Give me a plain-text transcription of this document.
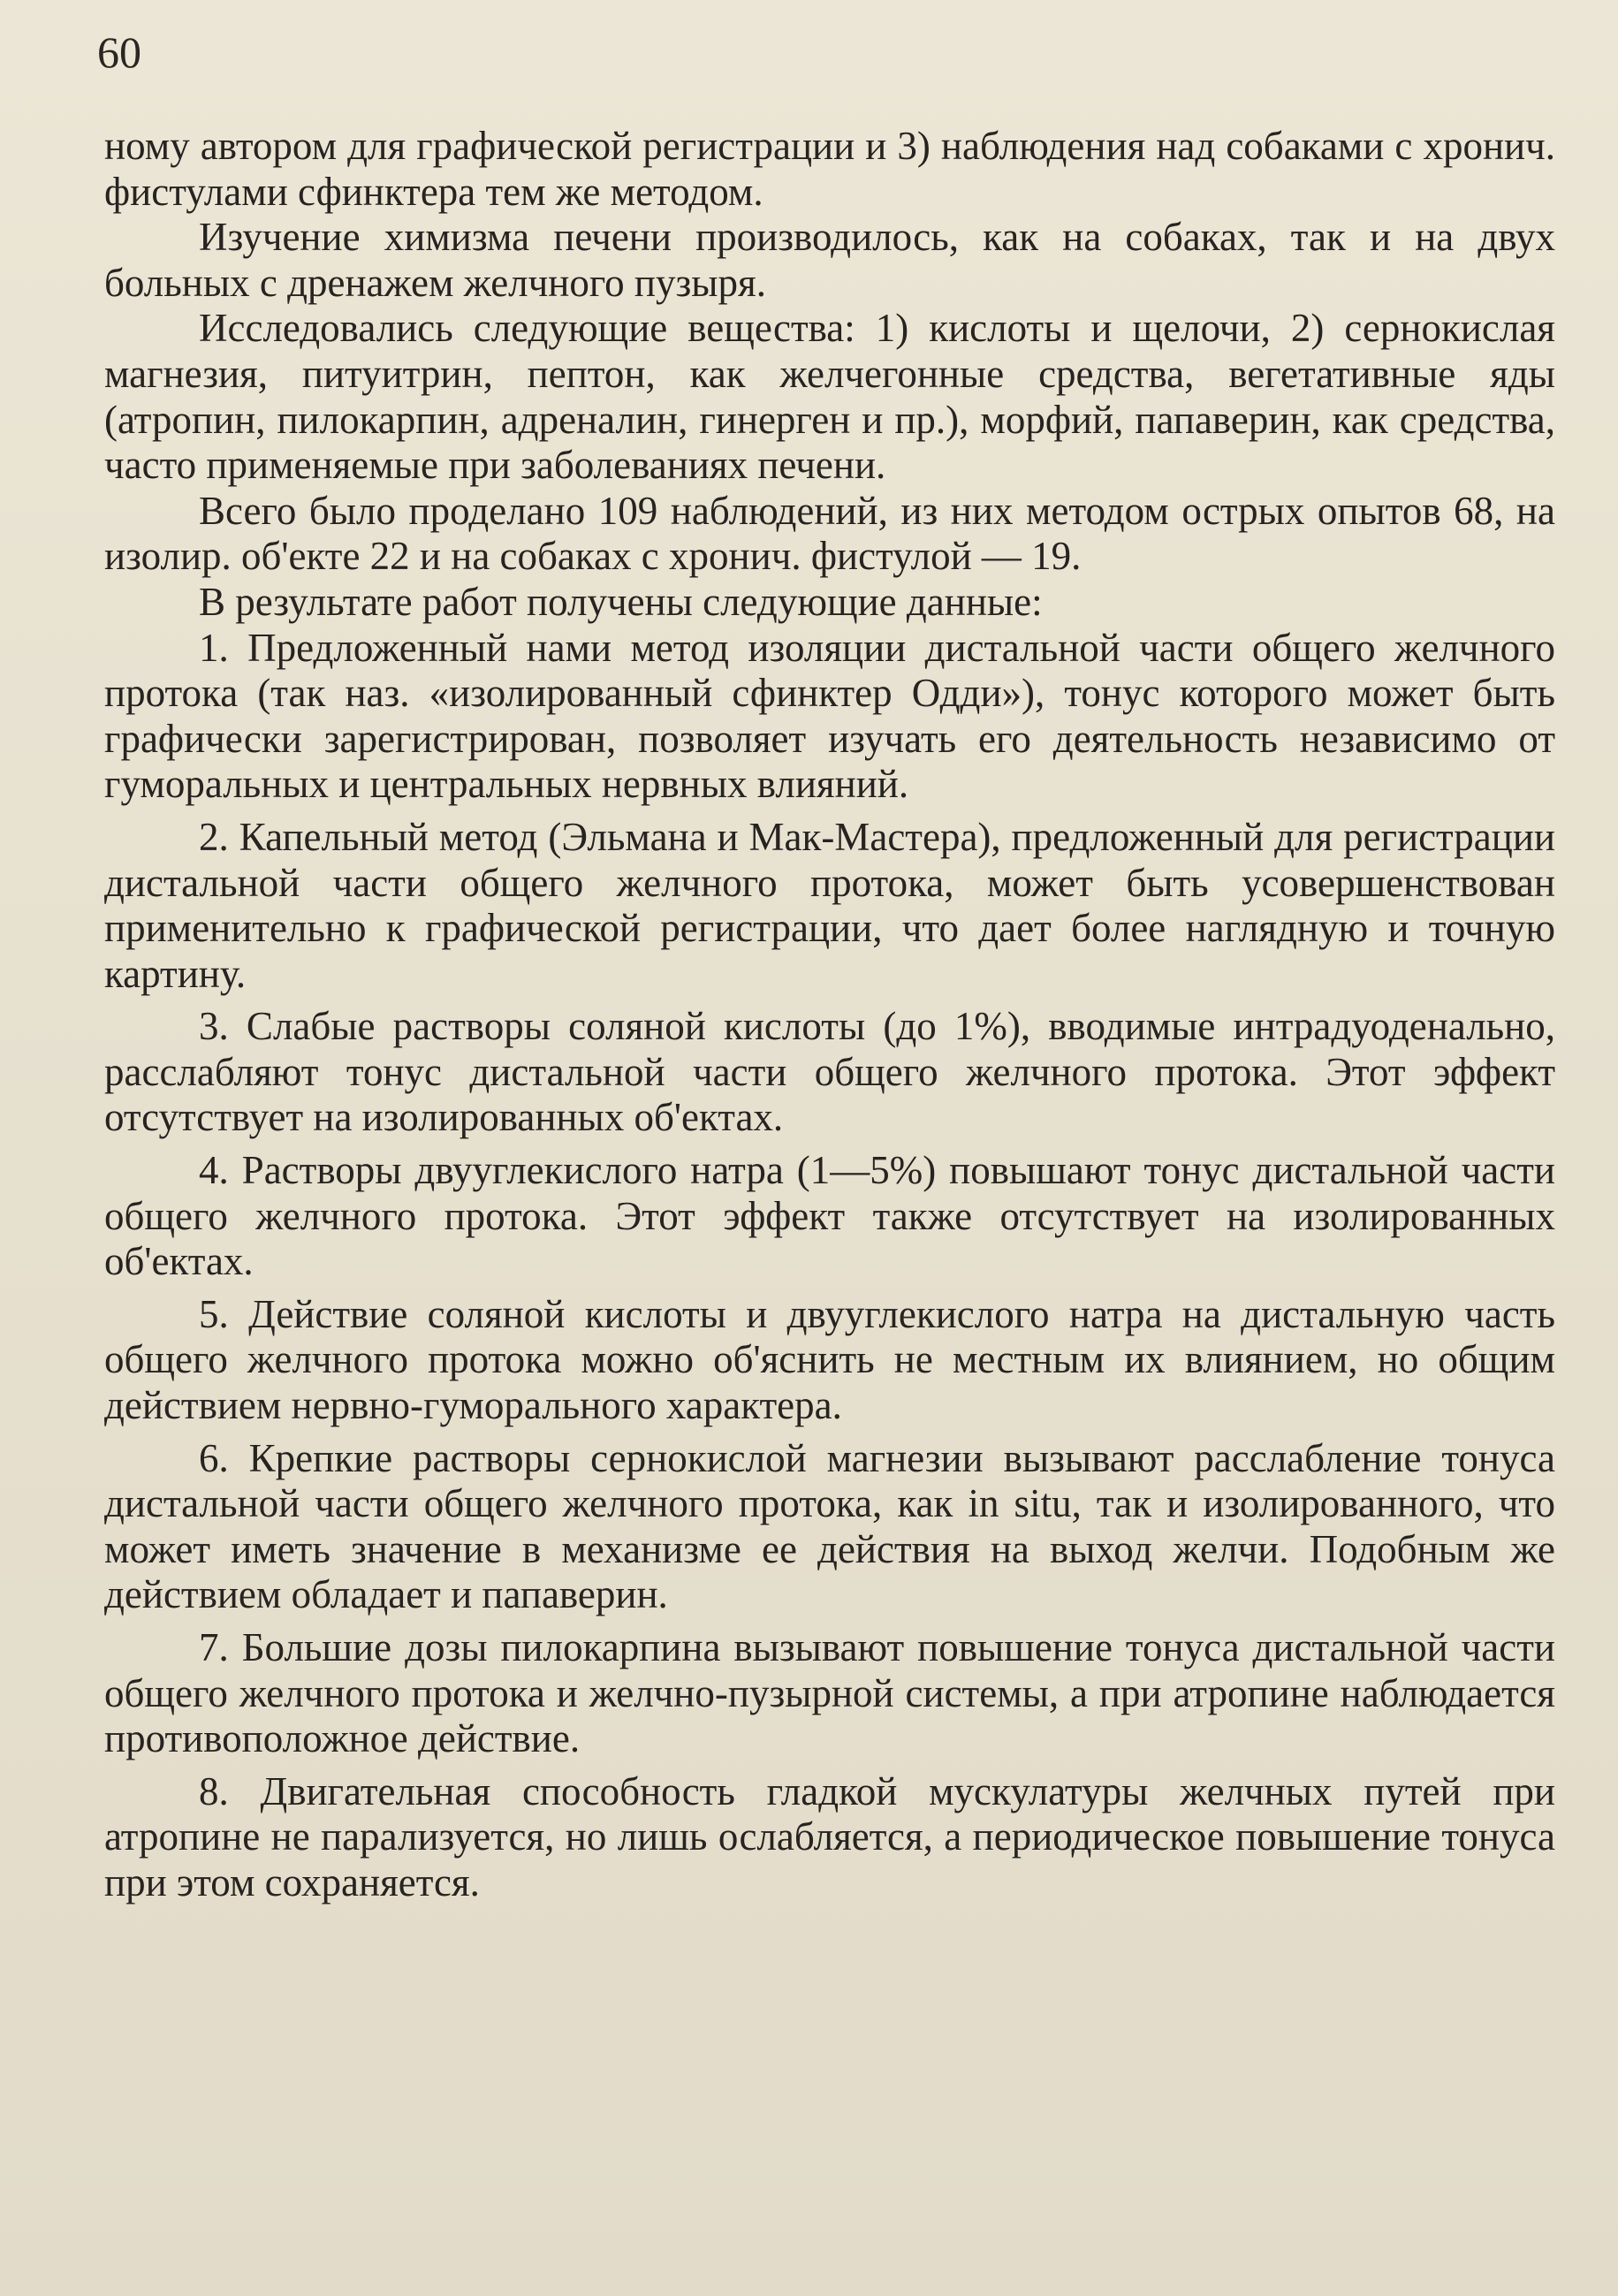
60

ному автором для графической регистрации и 3) наблюдения над собаками с хронич. фистулами сфинктера тем же методом.

Изучение химизма печени производилось, как на собаках, так и на двух больных с дренажем желчного пузыря.

Исследовались следующие вещества: 1) кислоты и щелочи, 2) сернокислая магнезия, питуитрин, пептон, как желчегонные средства, вегетативные яды (атропин, пилокарпин, адреналин, гинерген и пр.), морфий, папаверин, как средства, часто применяемые при заболеваниях печени.

Всего было проделано 109 наблюдений, из них методом острых опытов 68, на изолир. об'екте 22 и на собаках с хронич. фистулой — 19.

В результате работ получены следующие данные:

1. Предложенный нами метод изоляции дистальной части общего желчного протока (так наз. «изолированный сфинктер Одди»), тонус которого может быть графически зарегистрирован, позволяет изучать его деятельность независимо от гуморальных и центральных нервных влияний.

2. Капельный метод (Эльмана и Мак-Мастера), предложенный для регистрации дистальной части общего желчного протока, может быть усовершенствован применительно к графической регистрации, что дает более наглядную и точную картину.

3. Слабые растворы соляной кислоты (до 1%), вводимые интрадуоденально, расслабляют тонус дистальной части общего желчного протока. Этот эффект отсутствует на изолированных об'ектах.

4. Растворы двууглекислого натра (1—5%) повышают тонус дистальной части общего желчного протока. Этот эффект также отсутствует на изолированных об'ектах.

5. Действие соляной кислоты и двууглекислого натра на дистальную часть общего желчного протока можно об'яснить не местным их влиянием, но общим действием нервно-гуморального характера.

6. Крепкие растворы сернокислой магнезии вызывают расслабление тонуса дистальной части общего желчного протока, как in situ, так и изолированного, что может иметь значение в механизме ее действия на выход желчи. Подобным же действием обладает и папаверин.

7. Большие дозы пилокарпина вызывают повышение тонуса дистальной части общего желчного протока и желчно-пузырной системы, а при атропине наблюдается противоположное действие.

8. Двигательная способность гладкой мускулатуры желчных путей при атропине не парализуется, но лишь ослабляется, а периодическое повышение тонуса при этом сохраняется.
